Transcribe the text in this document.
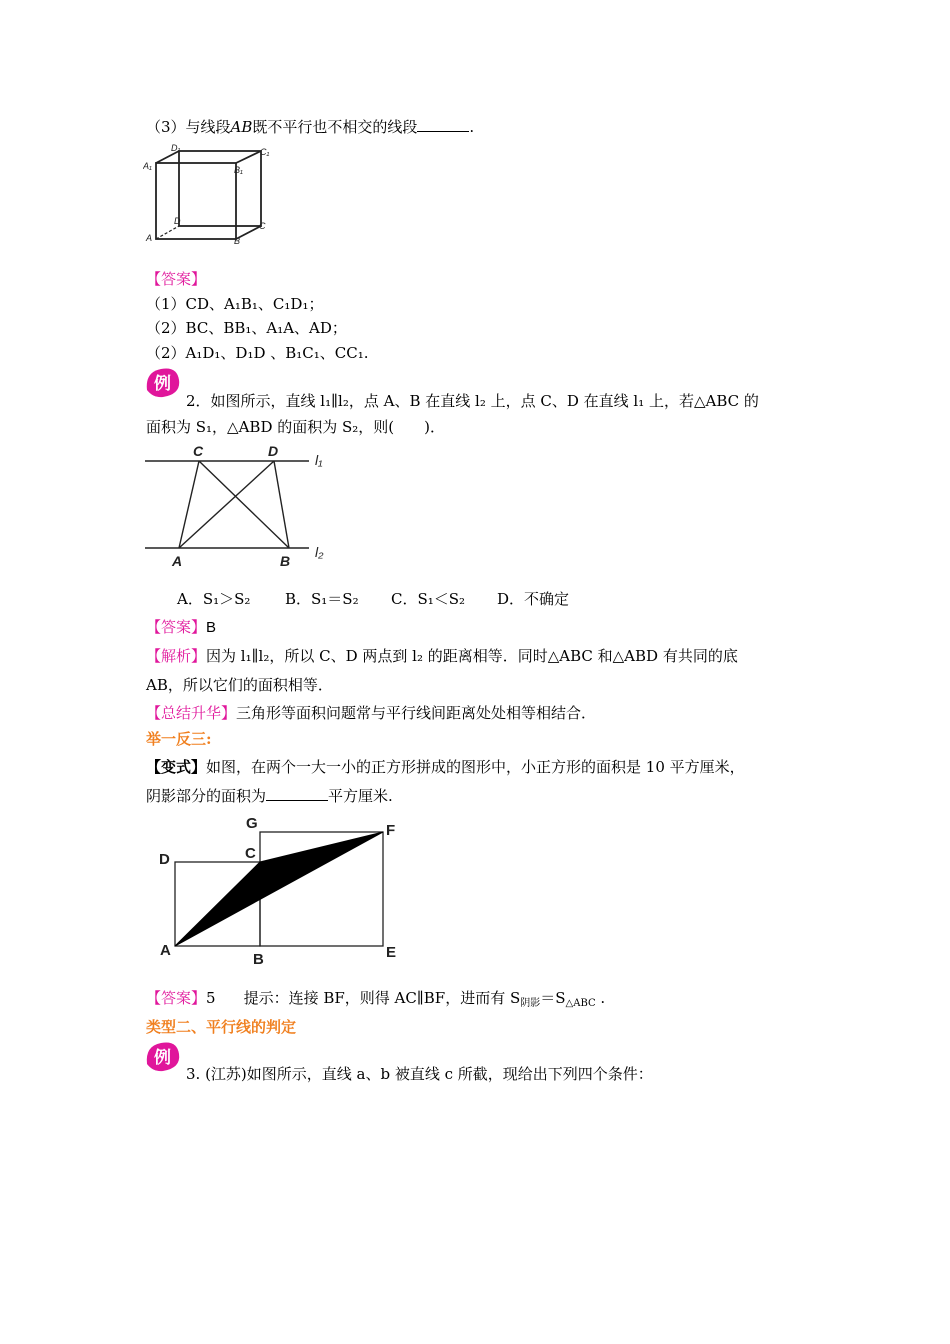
（3）与线段AB既不平行也不相交的线段	.
A₁
D₁	C₁
B₁
D
A	B
C
【答案】
（1）CD、A₁B₁、C₁D₁；
（2）BC、BB₁、A₁A、AD；
（2）A₁D₁、D₁D 、B₁C₁、CC₁.
例
2．如图所示，直线 l₁∥l₂，点 A、B 在直线 l₂ 上，点 C、D 在直线 l₁ 上，若△ABC 的
面积为 S₁，△ABD 的面积为 S₂，则(　　)．
C	D
A	B
l₁
l₂
A．S₁＞S₂ B．S₁＝S₂ C．S₁＜S₂ D．不确定
【答案】B
【解析】因为 l₁∥l₂，所以 C、D 两点到 l₂ 的距离相等．同时△ABC 和△ABD 有共同的底
AB，所以它们的面积相等．
【总结升华】三角形等面积问题常与平行线间距离处处相等相结合．
举一反三:
【变式】如图，在两个一大一小的正方形拼成的图形中，小正方形的面积是 10 平方厘米，
阴影部分的面积为	平方厘米.
G	F
D	C
A
B	E
【答案】5 提示：连接 BF，则得 AC∥BF，进而有 $S_{阴影}=S_{\triangle ABC}$ .
类型二、平行线的判定
例
3. (江苏)如图所示，直线 a、b 被直线 c 所截，现给出下列四个条件：
